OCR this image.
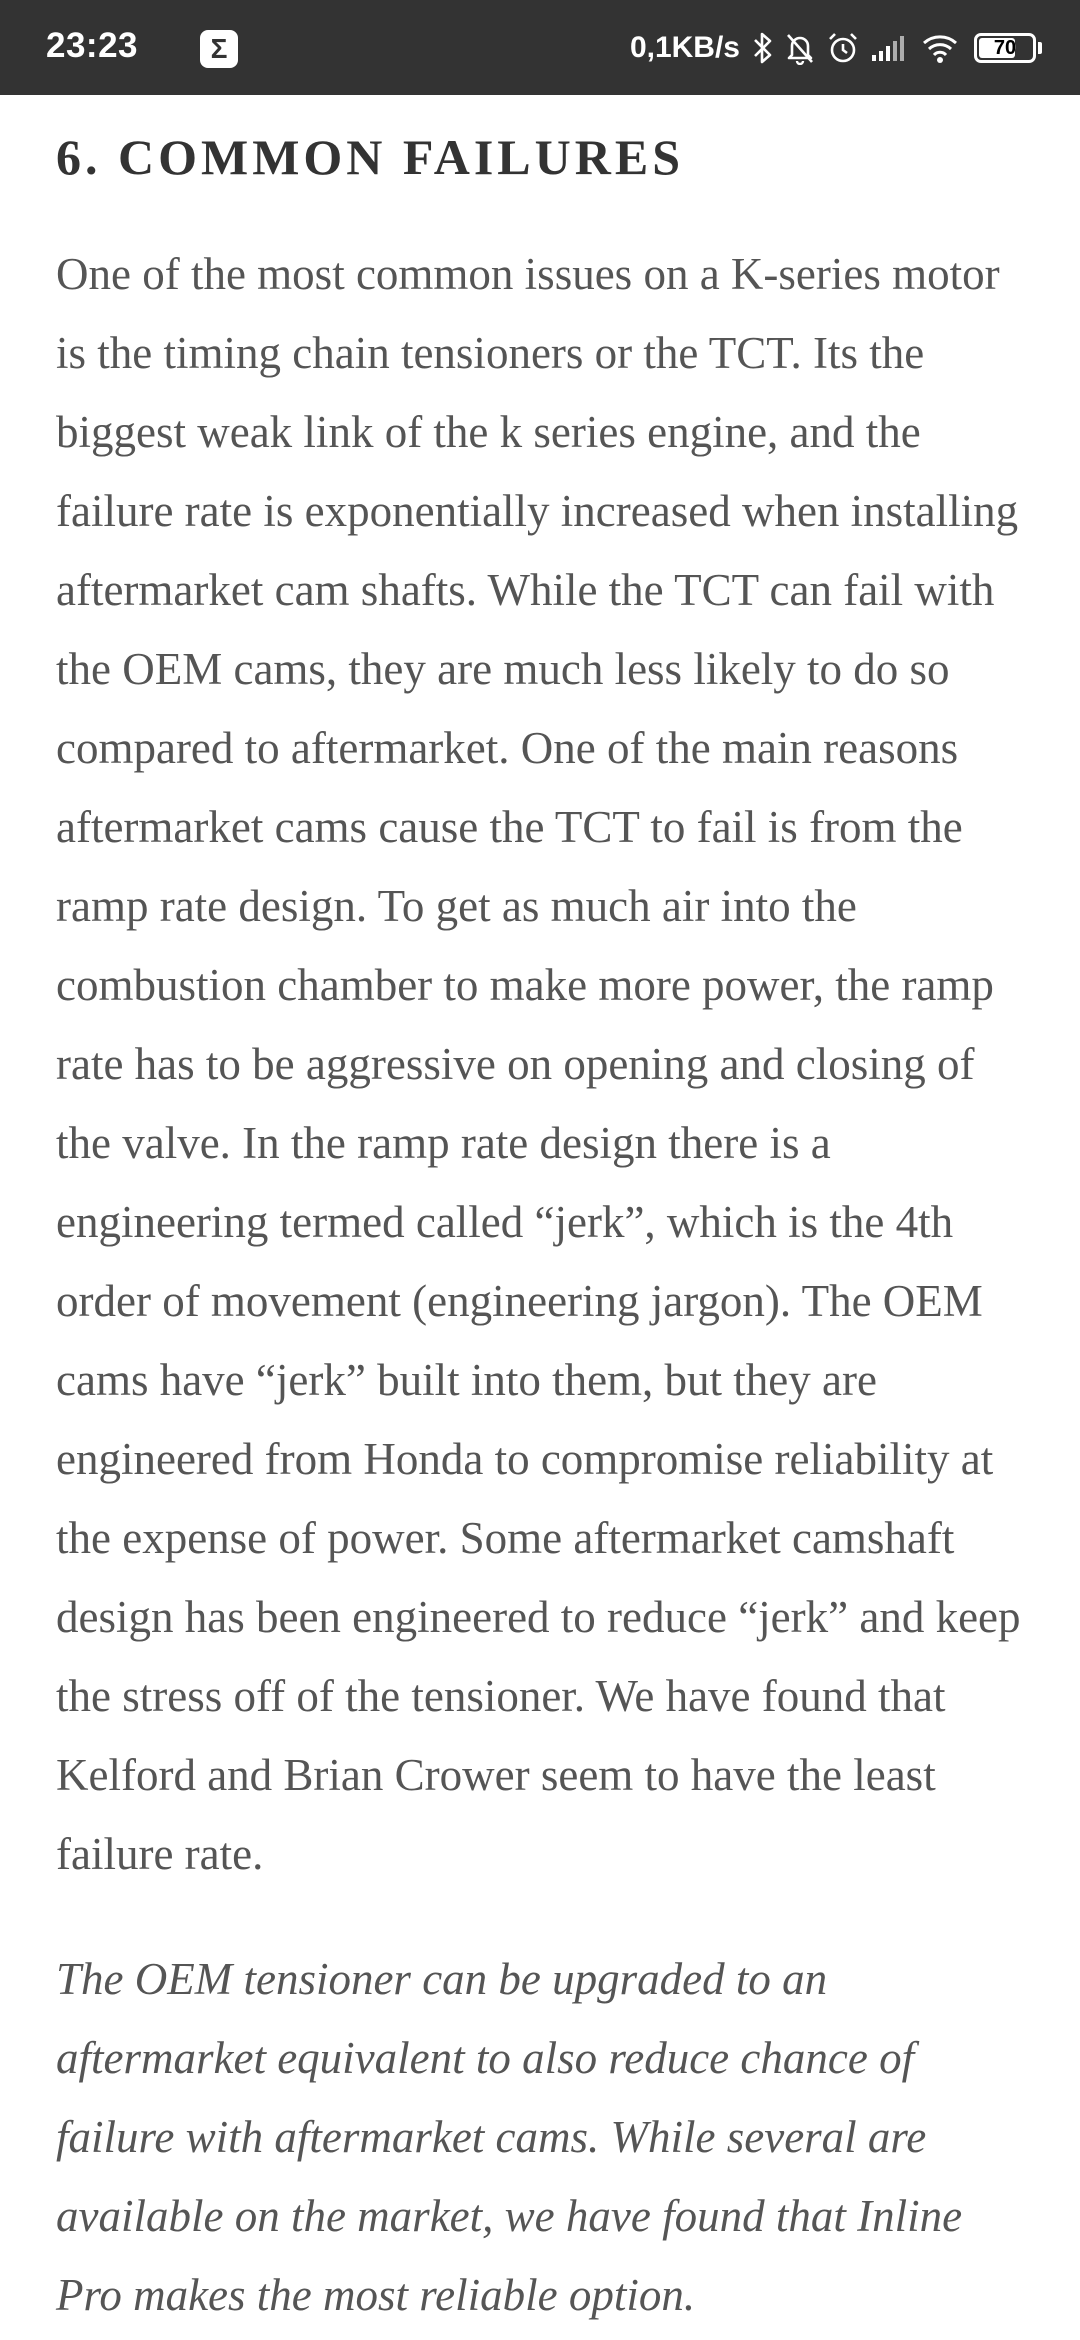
23:23	Σ	0,1KB/s	70
6. COMMON FAILURES

One of the most common issues on a K-series motor is the timing chain tensioners or the TCT. Its the biggest weak link of the k series engine, and the failure rate is exponentially increased when installing aftermarket cam shafts. While the TCT can fail with the OEM cams, they are much less likely to do so compared to aftermarket. One of the main reasons aftermarket cams cause the TCT to fail is from the ramp rate design. To get as much air into the combustion chamber to make more power, the ramp rate has to be aggressive on opening and closing of the valve. In the ramp rate design there is a engineering termed called “jerk”, which is the 4th order of movement (engineering jargon). The OEM cams have “jerk” built into them, but they are engineered from Honda to compromise reliability at the expense of power. Some aftermarket camshaft design has been engineered to reduce “jerk” and keep the stress off of the tensioner. We have found that Kelford and Brian Crower seem to have the least failure rate.

The OEM tensioner can be upgraded to an aftermarket equivalent to also reduce chance of failure with aftermarket cams. While several are available on the market, we have found that Inline Pro makes the most reliable option.
